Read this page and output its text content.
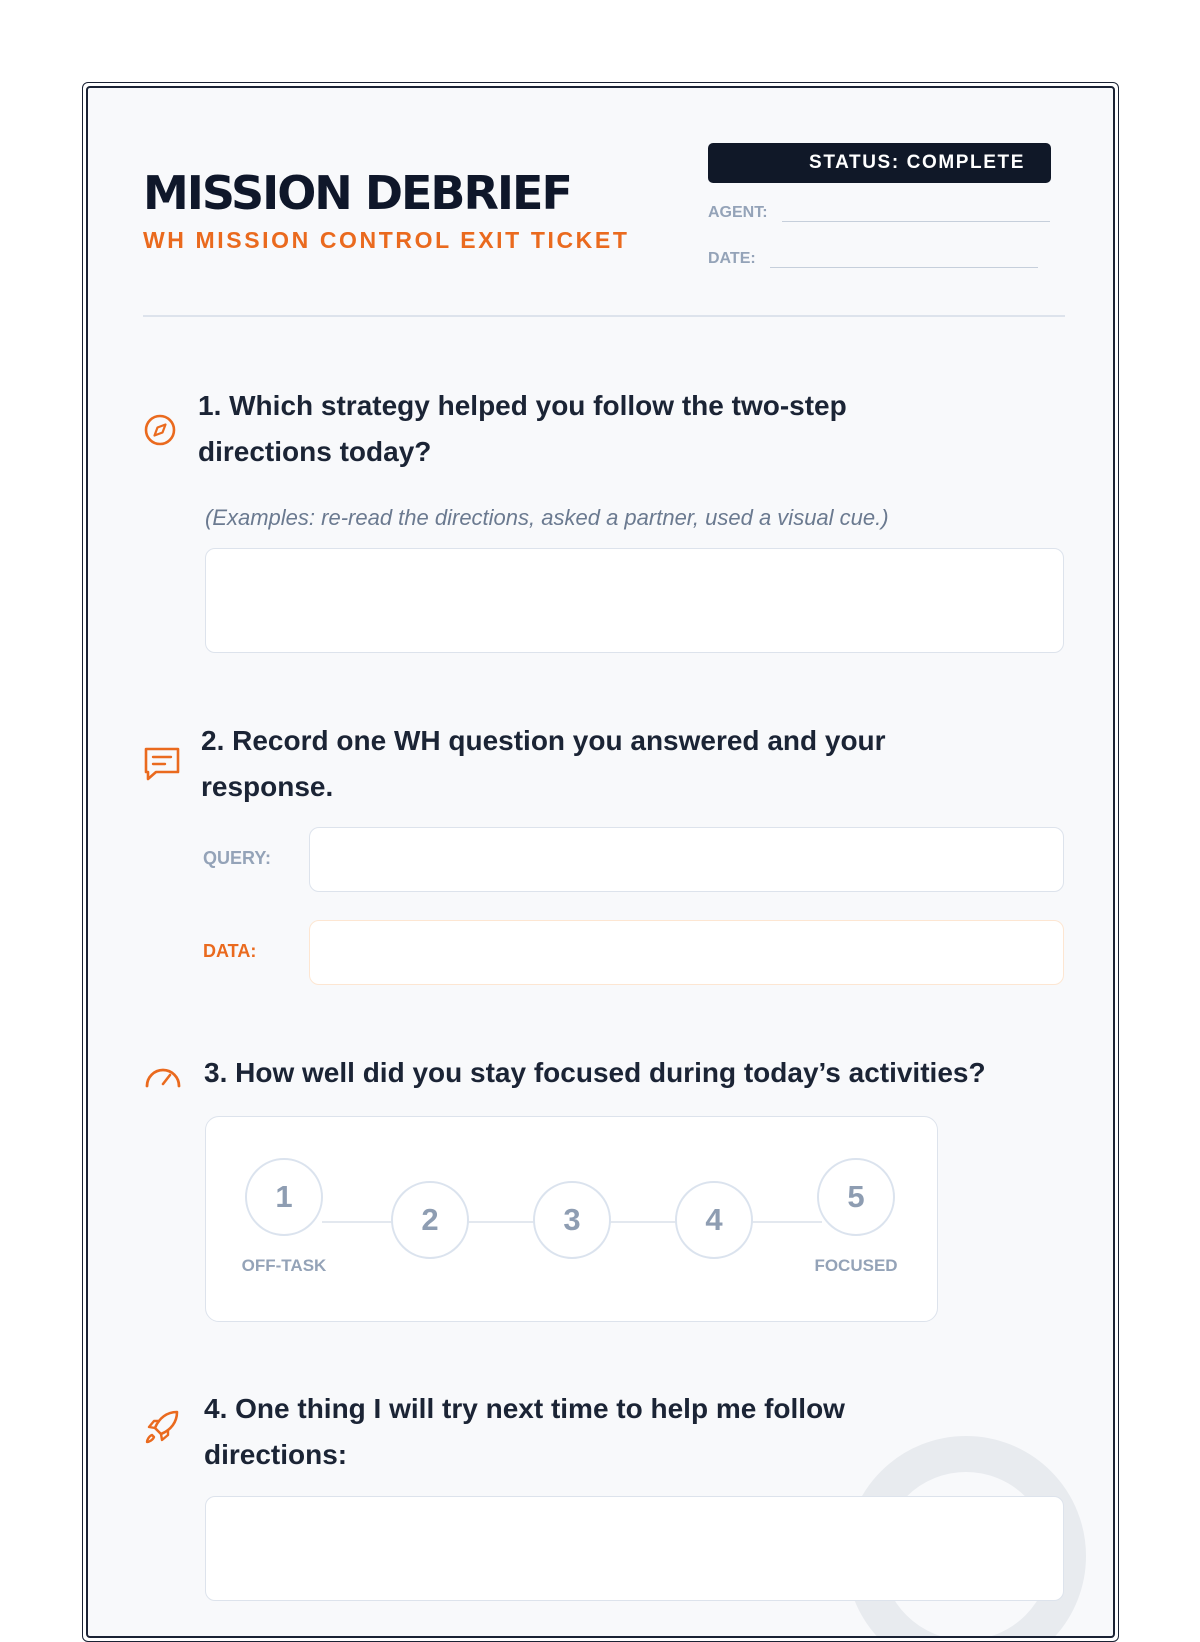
MISSION DEBRIEF
WH MISSION CONTROL EXIT TICKET
STATUS: COMPLETE
AGENT:
DATE:
1. Which strategy helped you follow the two-step
directions today?
(Examples: re-read the directions, asked a partner, used a visual cue.)
2. Record one WH question you answered and your
response.
QUERY:
DATA:
3. How well did you stay focused during today’s activities?
1
2	3	4
5
OFF-TASK	FOCUSED
4. One thing I will try next time to help me follow
directions:
